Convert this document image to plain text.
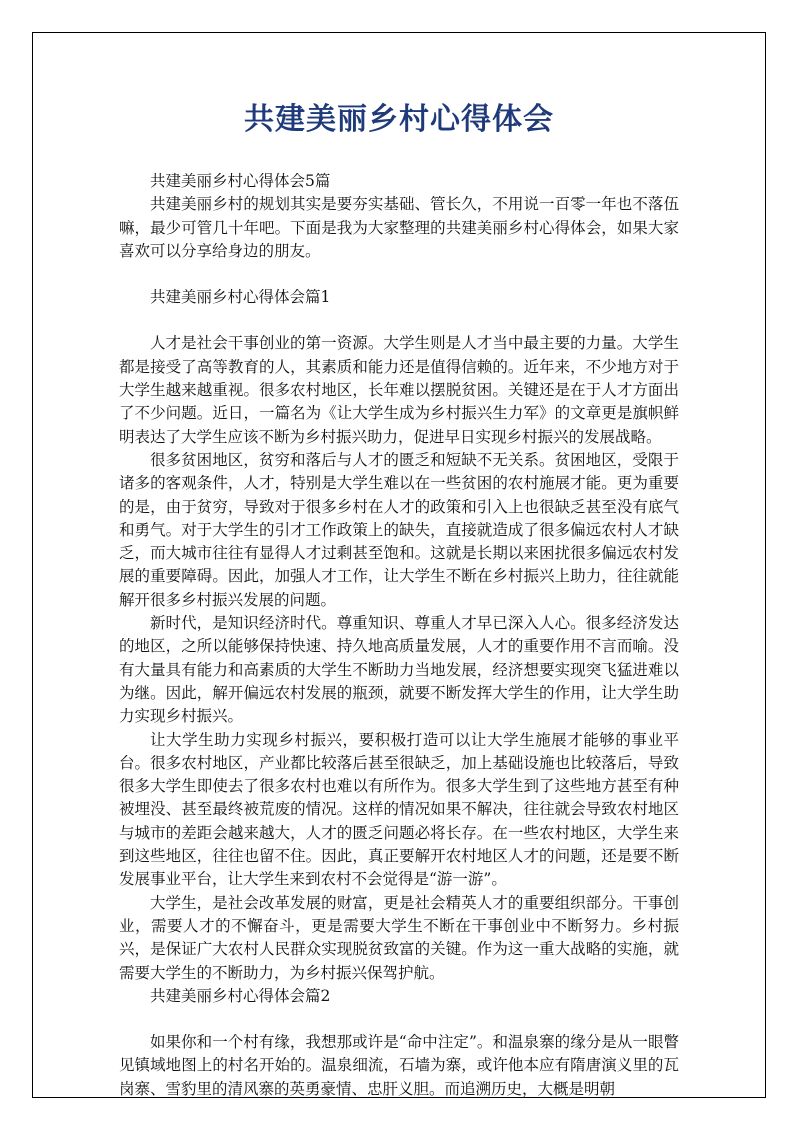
共建美丽乡村心得体会

共建美丽乡村心得体会5篇

共建美丽乡村的规划其实是要夯实基础、管长久，不用说一百零一年也不落伍嘛，最少可管几十年吧。下面是我为大家整理的共建美丽乡村心得体会，如果大家喜欢可以分享给身边的朋友。

共建美丽乡村心得体会篇1

人才是社会干事创业的第一资源。大学生则是人才当中最主要的力量。大学生都是接受了高等教育的人，其素质和能力还是值得信赖的。近年来，不少地方对于大学生越来越重视。很多农村地区，长年难以摆脱贫困。关键还是在于人才方面出了不少问题。近日，一篇名为《让大学生成为乡村振兴生力军》的文章更是旗帜鲜明表达了大学生应该不断为乡村振兴助力，促进早日实现乡村振兴的发展战略。

很多贫困地区，贫穷和落后与人才的匮乏和短缺不无关系。贫困地区，受限于诸多的客观条件，人才，特别是大学生难以在一些贫困的农村施展才能。更为重要的是，由于贫穷，导致对于很多乡村在人才的政策和引入上也很缺乏甚至没有底气和勇气。对于大学生的引才工作政策上的缺失，直接就造成了很多偏远农村人才缺乏，而大城市往往有显得人才过剩甚至饱和。这就是长期以来困扰很多偏远农村发展的重要障碍。因此，加强人才工作，让大学生不断在乡村振兴上助力，往往就能解开很多乡村振兴发展的问题。

新时代，是知识经济时代。尊重知识、尊重人才早已深入人心。很多经济发达的地区，之所以能够保持快速、持久地高质量发展，人才的重要作用不言而喻。没有大量具有能力和高素质的大学生不断助力当地发展，经济想要实现突飞猛进难以为继。因此，解开偏远农村发展的瓶颈，就要不断发挥大学生的作用，让大学生助力实现乡村振兴。

让大学生助力实现乡村振兴，要积极打造可以让大学生施展才能够的事业平台。很多农村地区，产业都比较落后甚至很缺乏，加上基础设施也比较落后，导致很多大学生即使去了很多农村也难以有所作为。很多大学生到了这些地方甚至有种被埋没、甚至最终被荒废的情况。这样的情况如果不解决，往往就会导致农村地区与城市的差距会越来越大，人才的匮乏问题必将长存。在一些农村地区，大学生来到这些地区，往往也留不住。因此，真正要解开农村地区人才的问题，还是要不断发展事业平台，让大学生来到农村不会觉得是“游一游”。

大学生，是社会改革发展的财富，更是社会精英人才的重要组织部分。干事创业，需要人才的不懈奋斗，更是需要大学生不断在干事创业中不断努力。乡村振兴，是保证广大农村人民群众实现脱贫致富的关键。作为这一重大战略的实施，就需要大学生的不断助力，为乡村振兴保驾护航。

共建美丽乡村心得体会篇2

如果你和一个村有缘，我想那或许是“命中注定”。和温泉寨的缘分是从一眼瞥见镇域地图上的村名开始的。温泉细流，石墙为寨，或许他本应有隋唐演义里的瓦岗寨、雪豹里的清风寨的英勇豪情、忠肝义胆。而追溯历史，大概是明朝
